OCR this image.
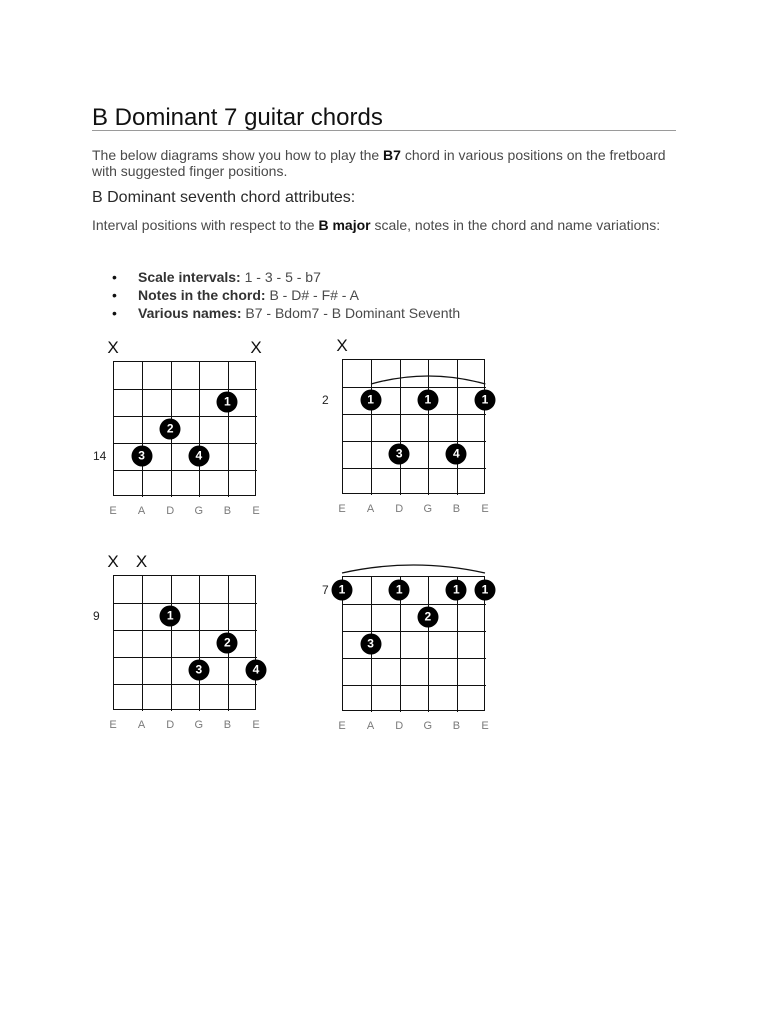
B Dominant 7 guitar chords

The below diagrams show you how to play the B7 chord in various positions on the fretboard with suggested finger positions.

B Dominant seventh chord attributes:

Interval positions with respect to the B major scale, notes in the chord and name variations:

• Scale intervals: 1 - 3 - 5 - b7
• Notes in the chord: B - D# - F# - A
• Various names: B7 - Bdom7 - B Dominant Seventh
X	X
14
1
2
3	4
E A D G B E
X
2	1	1	1
3	4
E A D G B E
X X
9	1
2
3	4
E A D G B E
7 1	1	1	1
2
3
E A D G B E
